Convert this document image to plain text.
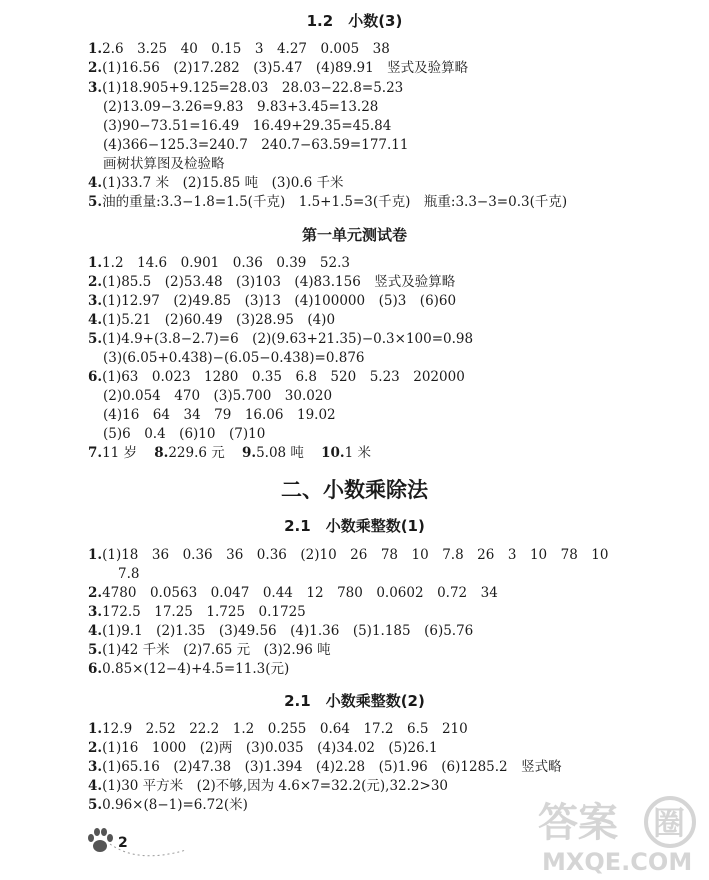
1.2　小数(3)
1.2.6　3.25　40　0.15　3　4.27　0.005　38
2.(1)16.56　(2)17.282　(3)5.47　(4)89.91　竖式及验算略
3.(1)18.905+9.125=28.03　28.03−22.8=5.23
(2)13.09−3.26=9.83　9.83+3.45=13.28
(3)90−73.51=16.49　16.49+29.35=45.84
(4)366−125.3=240.7　240.7−63.59=177.11
画树状算图及检验略
4.(1)33.7 米　(2)15.85 吨　(3)0.6 千米
5.油的重量:3.3−1.8=1.5(千克)　1.5+1.5=3(千克)　瓶重:3.3−3=0.3(千克)
第一单元测试卷
1.1.2　14.6　0.901　0.36　0.39　52.3
2.(1)85.5　(2)53.48　(3)103　(4)83.156　竖式及验算略
3.(1)12.97　(2)49.85　(3)13　(4)100000　(5)3　(6)60
4.(1)5.21　(2)60.49　(3)28.95　(4)0
5.(1)4.9+(3.8−2.7)=6　(2)(9.63+21.35)−0.3×100=0.98
(3)(6.05+0.438)−(6.05−0.438)=0.876
6.(1)63　0.023　1280　0.35　6.8　520　5.23　202000
(2)0.054　470　(3)5.700　30.020
(4)16　64　34　79　16.06　19.02
(5)6　0.4　(6)10　(7)10
7.11 岁 8.229.6 元 9.5.08 吨 10.1 米
二、小数乘除法
2.1　小数乘整数(1)
1.(1)18　36　0.36　36　0.36　(2)10　26　78　10　7.8　26　3　10　78　10
7.8
2.4780　0.0563　0.047　0.44　12　780　0.0602　0.72　34
3.172.5　17.25　1.725　0.1725
4.(1)9.1　(2)1.35　(3)49.56　(4)1.36　(5)1.185　(6)5.76
5.(1)42 千米　(2)7.65 元　(3)2.96 吨
6.0.85×(12−4)+4.5=11.3(元)
2.1　小数乘整数(2)
1.12.9　2.52　22.2　1.2　0.255　0.64　17.2　6.5　210
2.(1)16　1000　(2)两　(3)0.035　(4)34.02　(5)26.1
3.(1)65.16　(2)47.38　(3)1.394　(4)2.28　(5)1.96　(6)1285.2　竖式略
4.(1)30 平方米　(2)不够,因为 4.6×7=32.2(元),32.2>30
5.0.96×(8−1)=6.72(米)
2	答案 圈
MXQE.COM
